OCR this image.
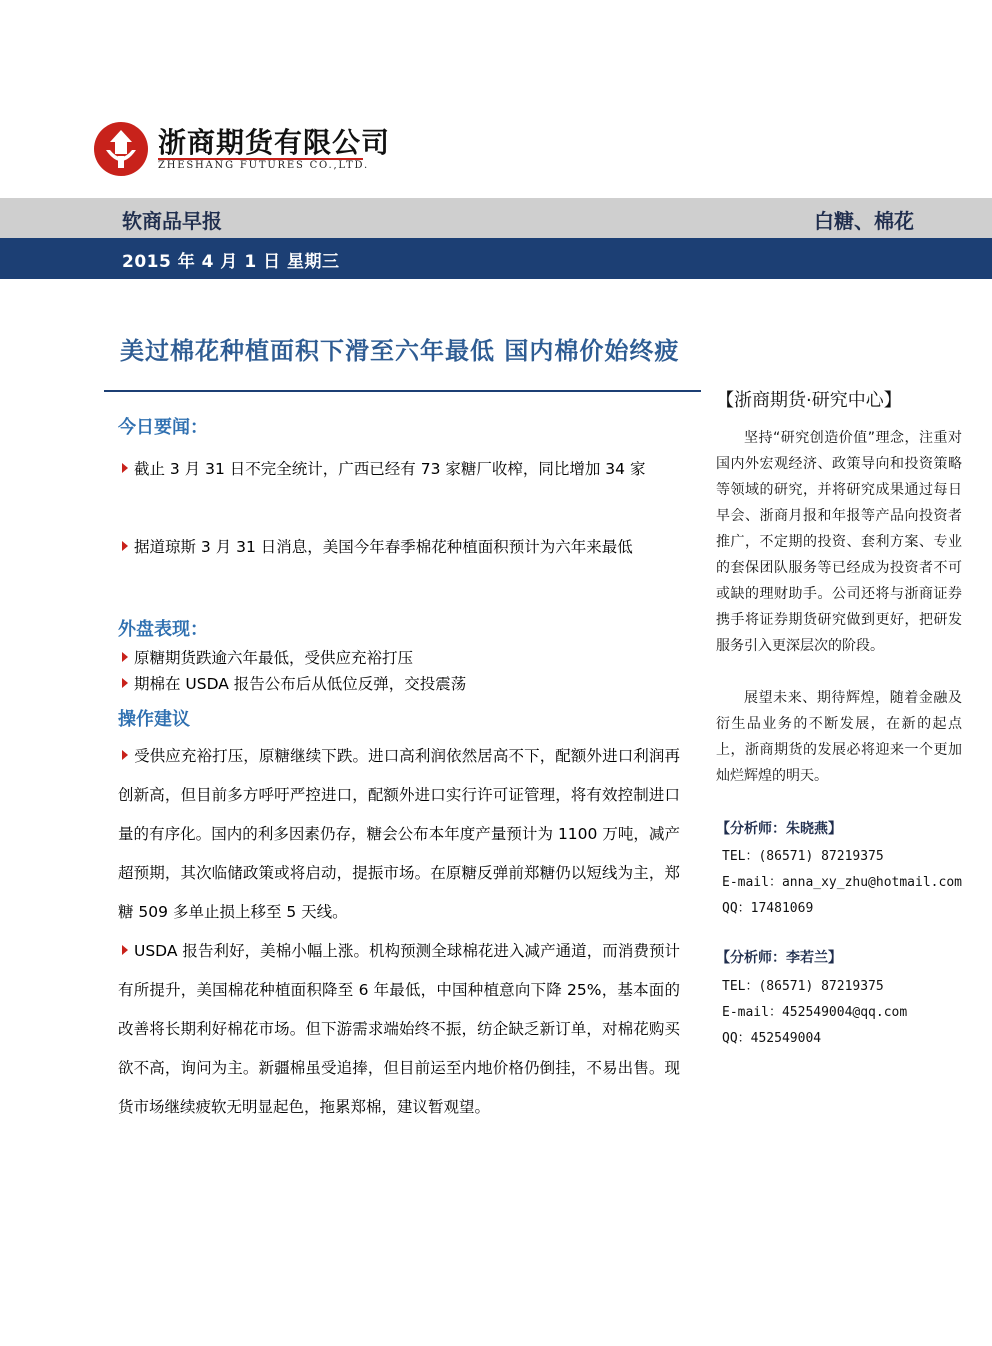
浙商期货有限公司
ZHESHANG FUTURES CO.,LTD.
软商品早报	白糖、棉花
2015 年 4 月 1 日 星期三
美过棉花种植面积下滑至六年最低 国内棉价始终疲
今日要闻：
截止 3 月 31 日不完全统计，广西已经有 73 家糖厂收榨，同比增加 34 家
据道琼斯 3 月 31 日消息，美国今年春季棉花种植面积预计为六年来最低
外盘表现：
原糖期货跌逾六年最低，受供应充裕打压
期棉在 USDA 报告公布后从低位反弹，交投震荡
操作建议
受供应充裕打压，原糖继续下跌。进口高利润依然居高不下，配额外进口利润再创新高，但目前多方呼吁严控进口，配额外进口实行许可证管理，将有效控制进口量的有序化。国内的利多因素仍存，糖会公布本年度产量预计为 1100 万吨，减产超预期，其次临储政策或将启动，提振市场。在原糖反弹前郑糖仍以短线为主，郑糖 509 多单止损上移至 5 天线。
USDA 报告利好，美棉小幅上涨。机构预测全球棉花进入减产通道，而消费预计有所提升，美国棉花种植面积降至 6 年最低，中国种植意向下降 25%，基本面的改善将长期利好棉花市场。但下游需求端始终不振，纺企缺乏新订单，对棉花购买欲不高，询问为主。新疆棉虽受追捧，但目前运至内地价格仍倒挂，不易出售。现货市场继续疲软无明显起色，拖累郑棉，建议暂观望。
【浙商期货·研究中心】
坚持“研究创造价值”理念，注重对国内外宏观经济、政策导向和投资策略等领域的研究，并将研究成果通过每日早会、浙商月报和年报等产品向投资者推广，不定期的投资、套利方案、专业的套保团队服务等已经成为投资者不可或缺的理财助手。公司还将与浙商证券携手将证券期货研究做到更好，把研发服务引入更深层次的阶段。
展望未来、期待辉煌，随着金融及衍生品业务的不断发展，在新的起点上，浙商期货的发展必将迎来一个更加灿烂辉煌的明天。
【分析师：朱晓燕】
TEL：(86571) 87219375
E-mail：anna_xy_zhu@hotmail.com
QQ：17481069
【分析师：李若兰】
TEL：(86571) 87219375
E-mail：452549004@qq.com
QQ：452549004
